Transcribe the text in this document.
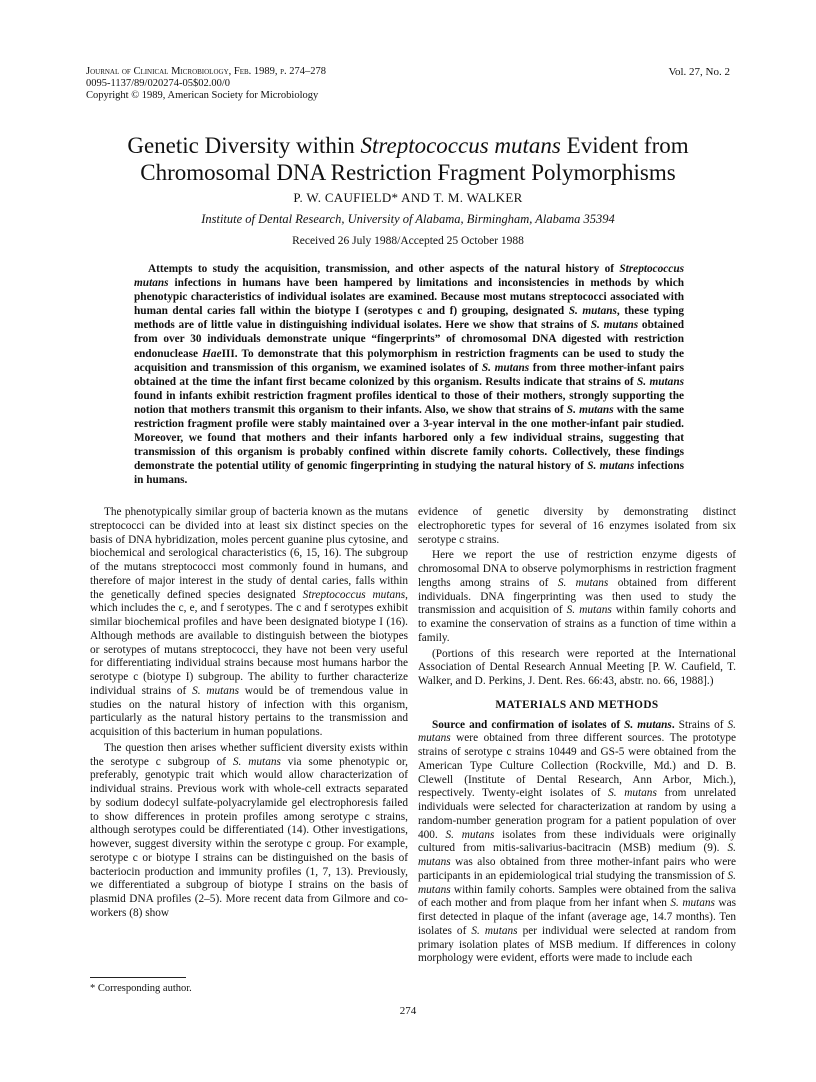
Journal of Clinical Microbiology, Feb. 1989, p. 274–278
0095-1137/89/020274-05$02.00/0
Copyright © 1989, American Society for Microbiology
Vol. 27, No. 2
Genetic Diversity within Streptococcus mutans Evident from Chromosomal DNA Restriction Fragment Polymorphisms
P. W. CAUFIELD* AND T. M. WALKER
Institute of Dental Research, University of Alabama, Birmingham, Alabama 35394
Received 26 July 1988/Accepted 25 October 1988

Attempts to study the acquisition, transmission, and other aspects of the natural history of Streptococcus mutans infections in humans have been hampered by limitations and inconsistencies in methods by which phenotypic characteristics of individual isolates are examined. Because most mutans streptococci associated with human dental caries fall within the biotype I (serotypes c and f) grouping, designated S. mutans, these typing methods are of little value in distinguishing individual isolates. Here we show that strains of S. mutans obtained from over 30 individuals demonstrate unique “fingerprints” of chromosomal DNA digested with restriction endonuclease HaeIII. To demonstrate that this polymorphism in restriction fragments can be used to study the acquisition and transmission of this organism, we examined isolates of S. mutans from three mother-infant pairs obtained at the time the infant first became colonized by this organism. Results indicate that strains of S. mutans found in infants exhibit restriction fragment profiles identical to those of their mothers, strongly supporting the notion that mothers transmit this organism to their infants. Also, we show that strains of S. mutans with the same restriction fragment profile were stably maintained over a 3-year interval in the one mother-infant pair studied. Moreover, we found that mothers and their infants harbored only a few individual strains, suggesting that transmission of this organism is probably confined within discrete family cohorts. Collectively, these findings demonstrate the potential utility of genomic fingerprinting in studying the natural history of S. mutans infections in humans.

The phenotypically similar group of bacteria known as the mutans streptococci can be divided into at least six distinct species on the basis of DNA hybridization, moles percent guanine plus cytosine, and biochemical and serological characteristics (6, 15, 16). The subgroup of the mutans streptococci most commonly found in humans, and therefore of major interest in the study of dental caries, falls within the genetically defined species designated Streptococcus mutans, which includes the c, e, and f serotypes. The c and f serotypes exhibit similar biochemical profiles and have been designated biotype I (16). Although methods are available to distinguish between the biotypes or serotypes of mutans streptococci, they have not been very useful for differentiating individual strains because most humans harbor the serotype c (biotype I) subgroup. The ability to further characterize individual strains of S. mutans would be of tremendous value in studies on the natural history of infection with this organism, particularly as the natural history pertains to the transmission and acquisition of this bacterium in human populations.

The question then arises whether sufficient diversity exists within the serotype c subgroup of S. mutans via some phenotypic or, preferably, genotypic trait which would allow characterization of individual strains. Previous work with whole-cell extracts separated by sodium dodecyl sulfate-polyacrylamide gel electrophoresis failed to show differences in protein profiles among serotype c strains, although serotypes could be differentiated (14). Other investigations, however, suggest diversity within the serotype c group. For example, serotype c or biotype I strains can be distinguished on the basis of bacteriocin production and immunity profiles (1, 7, 13). Previously, we differentiated a subgroup of biotype I strains on the basis of plasmid DNA profiles (2–5). More recent data from Gilmore and co-workers (8) show

evidence of genetic diversity by demonstrating distinct electrophoretic types for several of 16 enzymes isolated from six serotype c strains.

Here we report the use of restriction enzyme digests of chromosomal DNA to observe polymorphisms in restriction fragment lengths among strains of S. mutans obtained from different individuals. DNA fingerprinting was then used to study the transmission and acquisition of S. mutans within family cohorts and to examine the conservation of strains as a function of time within a family.

(Portions of this research were reported at the International Association of Dental Research Annual Meeting [P. W. Caufield, T. Walker, and D. Perkins, J. Dent. Res. 66:43, abstr. no. 66, 1988].)

MATERIALS AND METHODS

Source and confirmation of isolates of S. mutans. Strains of S. mutans were obtained from three different sources. The prototype strains of serotype c strains 10449 and GS-5 were obtained from the American Type Culture Collection (Rockville, Md.) and D. B. Clewell (Institute of Dental Research, Ann Arbor, Mich.), respectively. Twenty-eight isolates of S. mutans from unrelated individuals were selected for characterization at random by using a random-number generation program for a patient population of over 400. S. mutans isolates from these individuals were originally cultured from mitis-salivarius-bacitracin (MSB) medium (9). S. mutans was also obtained from three mother-infant pairs who were participants in an epidemiological trial studying the transmission of S. mutans within family cohorts. Samples were obtained from the saliva of each mother and from plaque from her infant when S. mutans was first detected in plaque of the infant (average age, 14.7 months). Ten isolates of S. mutans per individual were selected at random from primary isolation plates of MSB medium. If differences in colony morphology were evident, efforts were made to include each

* Corresponding author.
274
